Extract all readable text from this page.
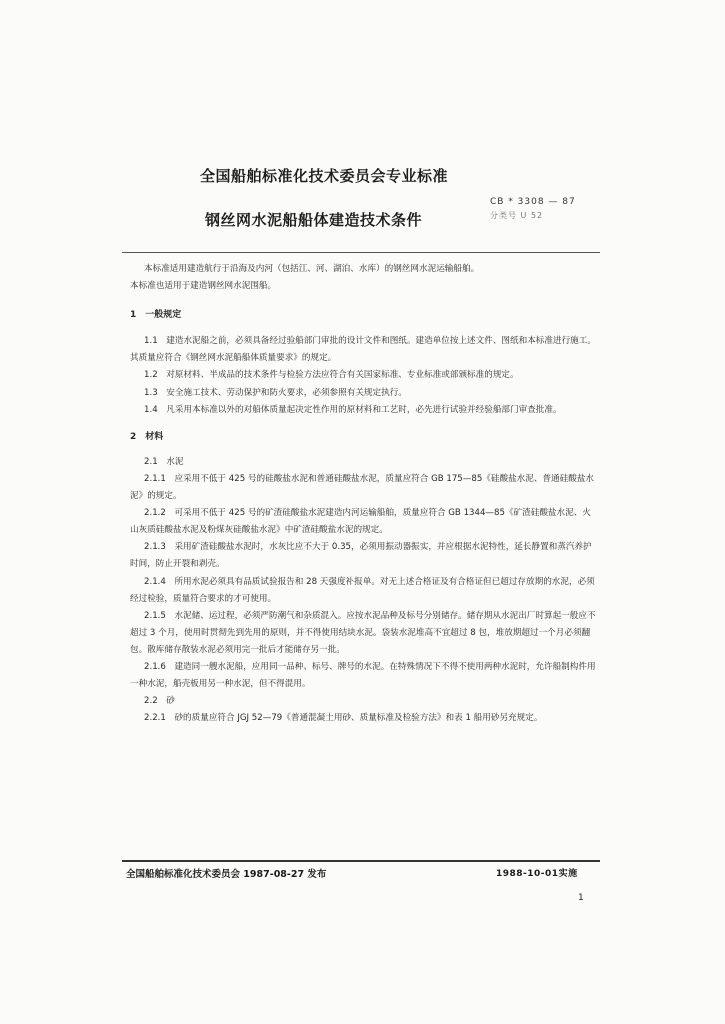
全国船舶标准化技术委员会专业标准
钢丝网水泥船船体建造技术条件
CB * 3308 — 87
分类号 U 52
本标准适用建造航行于沿海及内河（包括江、河、湖泊、水库）的钢丝网水泥运输船舶。
本标准也适用于建造钢丝网水泥围船。
1　一般规定
1.1　建造水泥船之前，必须具备经过验船部门审批的设计文件和图纸。建造单位按上述文件、图纸和本标准进行施工。其质量应符合《钢丝网水泥船船体质量要求》的规定。
1.2　对原材料、半成品的技术条件与检验方法应符合有关国家标准、专业标准或部颁标准的规定。
1.3　安全施工技术、劳动保护和防火要求，必须参照有关规定执行。
1.4　凡采用本标准以外的对船体质量起决定性作用的原材料和工艺时，必先进行试验并经验船部门审查批准。
2　材料
2.1　水泥
2.1.1　应采用不低于 425 号的硅酸盐水泥和普通硅酸盐水泥，质量应符合 GB 175—85《硅酸盐水泥、普通硅酸盐水泥》的规定。
2.1.2　可采用不低于 425 号的矿渣硅酸盐水泥建造内河运输船舶，质量应符合 GB 1344—85《矿渣硅酸盐水泥、火山灰质硅酸盐水泥及粉煤灰硅酸盐水泥》中矿渣硅酸盐水泥的规定。
2.1.3　采用矿渣硅酸盐水泥时，水灰比应不大于 0.35，必须用振动器振实，并应根据水泥特性，延长静置和蒸汽养护时间，防止开裂和剥壳。
2.1.4　所用水泥必须具有品质试验报告和 28 天强度补报单。对无上述合格证及有合格证但已超过存放期的水泥，必须经过检验，质量符合要求的才可使用。
2.1.5　水泥储、运过程，必须严防潮气和杂质混入。应按水泥品种及标号分别储存。储存期从水泥出厂时算起一般应不超过 3 个月，使用时贯彻先到先用的原则，并不得使用结块水泥。袋装水泥堆高不宜超过 8 包，堆放期超过一个月必须翻包。散库储存散装水泥必须用完一批后才能储存另一批。
2.1.6　建造同一艘水泥船，应用同一品种、标号、牌号的水泥。在特殊情况下不得不使用两种水泥时，允许船制构件用一种水泥，船壳板用另一种水泥，但不得混用。
2.2　砂
2.2.1　砂的质量应符合 JGJ 52—79《普通混凝土用砂、质量标准及检验方法》和表 1 船用砂另充规定。
全国船舶标准化技术委员会 1987-08-27 发布	1988-10-01实施
1
